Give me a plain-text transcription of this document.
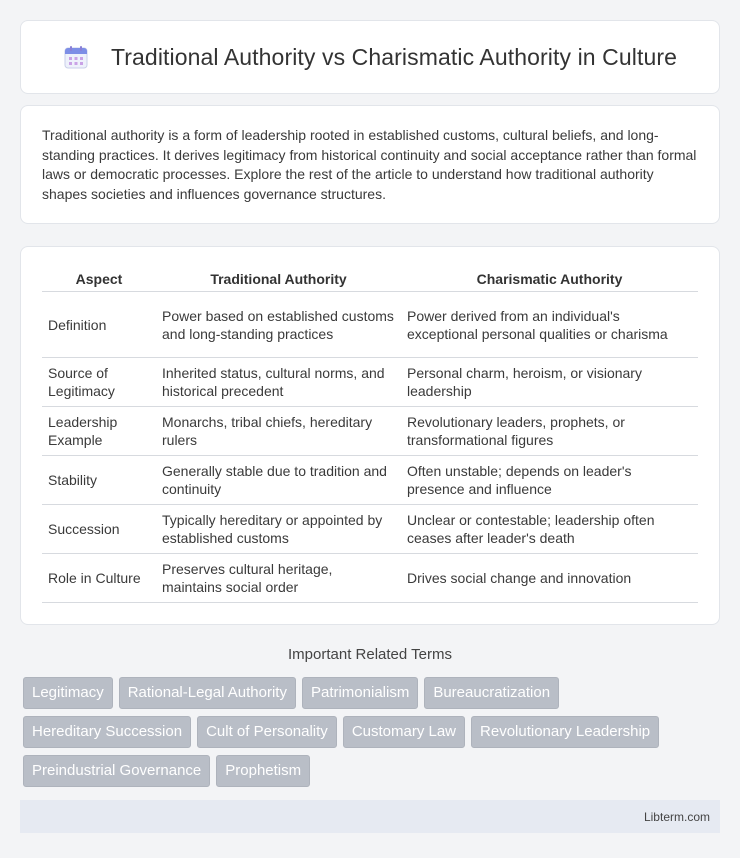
Traditional Authority vs Charismatic Authority in Culture

Traditional authority is a form of leadership rooted in established customs, cultural beliefs, and long-standing practices. It derives legitimacy from historical continuity and social acceptance rather than formal laws or democratic processes. Explore the rest of the article to understand how traditional authority shapes societies and influences governance structures.

Aspect	Traditional Authority	Charismatic Authority
Definition	Power based on established customs and long-standing practices	Power derived from an individual's exceptional personal qualities or charisma
Source of Legitimacy	Inherited status, cultural norms, and historical precedent	Personal charm, heroism, or visionary leadership
Leadership Example	Monarchs, tribal chiefs, hereditary rulers	Revolutionary leaders, prophets, or transformational figures
Stability	Generally stable due to tradition and continuity	Often unstable; depends on leader's presence and influence
Succession	Typically hereditary or appointed by established customs	Unclear or contestable; leadership often ceases after leader's death
Role in Culture	Preserves cultural heritage, maintains social order	Drives social change and innovation
Important Related Terms
Legitimacy	Rational-Legal Authority	Patrimonialism	Bureaucratization
Hereditary Succession	Cult of Personality	Customary Law	Revolutionary Leadership
Preindustrial Governance	Prophetism
Libterm.com
